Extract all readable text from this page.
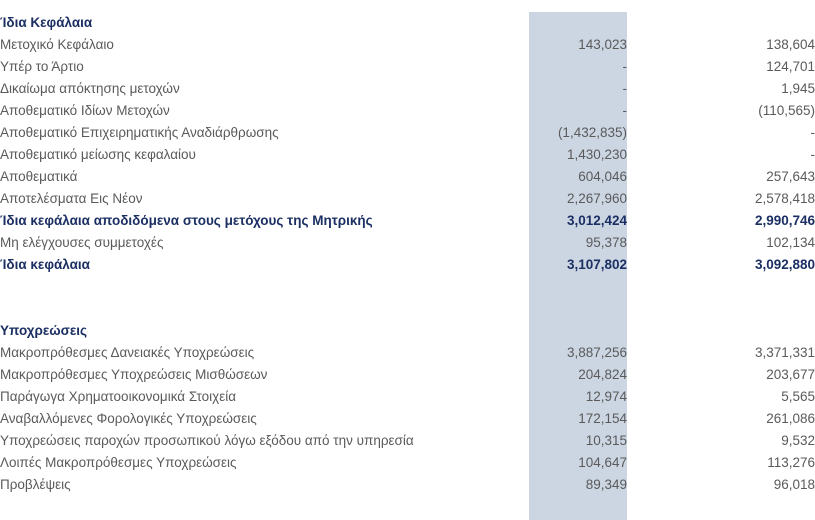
Ίδια Κεφάλαια		
Μετοχικό Κεφάλαιο	143,023	138,604
Υπέρ το Άρτιο	-	124,701
Δικαίωμα απόκτησης μετοχών	-	1,945
Αποθεματικό Ιδίων Μετοχών	-	(110,565)
Αποθεματικό Επιχειρηματικής Αναδιάρθρωσης	(1,432,835)	-
Αποθεματικό μείωσης κεφαλαίου	1,430,230	-
Αποθεματικά	604,046	257,643
Αποτελέσματα Εις Νέον	2,267,960	2,578,418
Ίδια κεφάλαια αποδιδόμενα στους μετόχους της Μητρικής	3,012,424	2,990,746
Μη ελέγχουσες συμμετοχές	95,378	102,134
Ίδια κεφάλαια	3,107,802	3,092,880

Υποχρεώσεις		
Μακροπρόθεσμες Δανειακές Υποχρεώσεις	3,887,256	3,371,331
Μακροπρόθεσμες Υποχρεώσεις Μισθώσεων	204,824	203,677
Παράγωγα Χρηματοοικονομικά Στοιχεία	12,974	5,565
Αναβαλλόμενες Φορολογικές Υποχρεώσεις	172,154	261,086
Υποχρεώσεις παροχών προσωπικού λόγω εξόδου από την υπηρεσία	10,315	9,532
Λοιπές Μακροπρόθεσμες Υποχρεώσεις	104,647	113,276
Προβλέψεις	89,349	96,018
